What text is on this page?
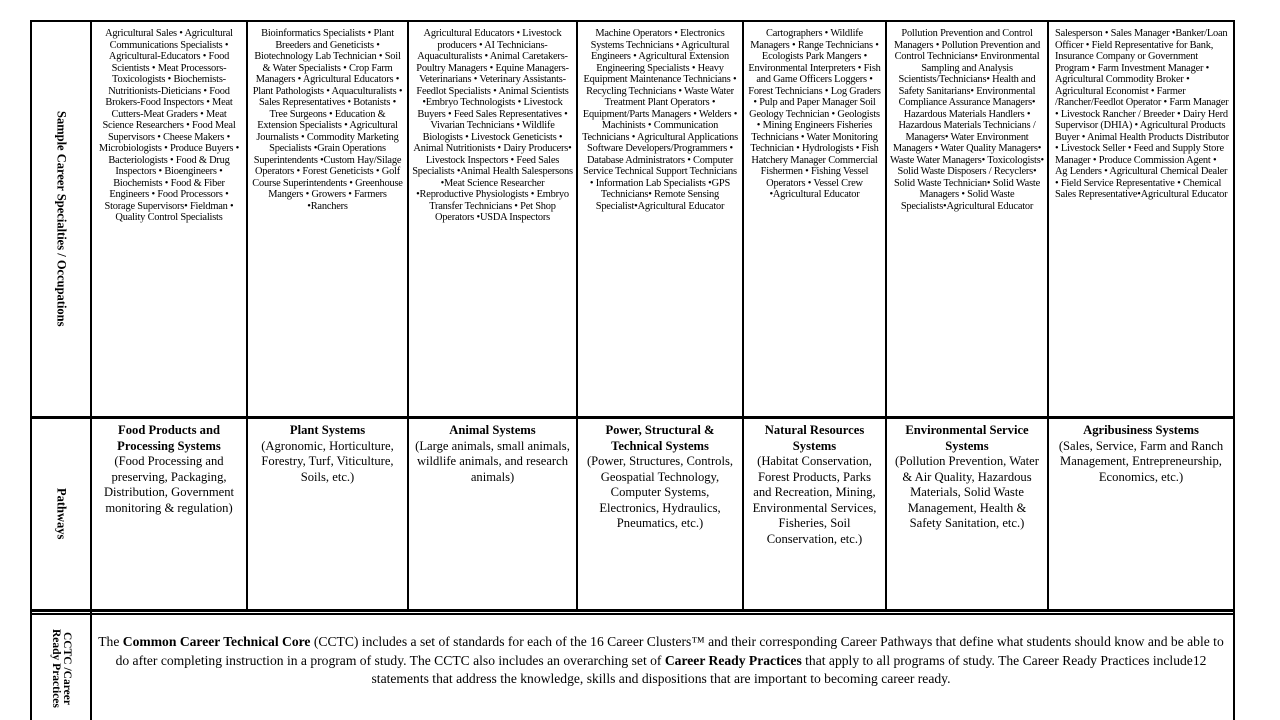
Sample Career Specialties / Occupations
Pathways
Agricultural Sales • Agricultural Communications Specialists • Agricultural-Educators • Food Scientists • Meat Processors-Toxicologists • Biochemists-Nutritionists-Dieticians • Food Brokers-Food Inspectors • Meat Cutters-Meat Graders • Meat Science Researchers • Food Meal Supervisors • Cheese Makers • Microbiologists • Produce Buyers • Bacteriologists • Food & Drug Inspectors • Bioengineers • Biochemists • Food & Fiber Engineers • Food Processors • Storage Supervisors• Fieldman • Quality Control Specialists
Bioinformatics Specialists • Plant Breeders and Geneticists • Biotechnology Lab Technician • Soil & Water Specialists • Crop Farm Managers • Agricultural Educators • Plant Pathologists • Aquaculturalists • Sales Representatives • Botanists • Tree Surgeons • Education & Extension Specialists • Agricultural Journalists • Commodity Marketing Specialists •Grain Operations Superintendents •Custom Hay/Silage Operators • Forest Geneticists • Golf Course Superintendents • Greenhouse Mangers • Growers • Farmers •Ranchers
Agricultural Educators • Livestock producers • AI Technicians-Aquaculturalists • Animal Caretakers-Poultry Managers • Equine Managers-Veterinarians • Veterinary Assistants-Feedlot Specialists • Animal Scientists •Embryo Technologists • Livestock Buyers • Feed Sales Representatives • Vivarian Technicians • Wildlife Biologists • Livestock Geneticists • Animal Nutritionists • Dairy Producers• Livestock Inspectors • Feed Sales Specialists •Animal Health Salespersons •Meat Science Researcher •Reproductive Physiologists • Embryo Transfer Technicians • Pet Shop Operators •USDA Inspectors
Machine Operators • Electronics Systems Technicians • Agricultural Engineers • Agricultural Extension Engineering Specialists • Heavy Equipment Maintenance Technicians • Recycling Technicians • Waste Water Treatment Plant Operators • Equipment/Parts Managers • Welders • Machinists • Communication Technicians • Agricultural Applications Software Developers/Programmers • Database Administrators • Computer Service Technical Support Technicians • Information Lab Specialists •GPS Technicians• Remote Sensing Specialist•Agricultural Educator
Cartographers • Wildlife Managers • Range Technicians • Ecologists Park Mangers • Environmental Interpreters • Fish and Game Officers Loggers • Forest Technicians • Log Graders • Pulp and Paper Manager Soil Geology Technician • Geologists • Mining Engineers Fisheries Technicians • Water Monitoring Technician • Hydrologists • Fish Hatchery Manager Commercial Fishermen • Fishing Vessel Operators • Vessel Crew •Agricultural Educator
Pollution Prevention and Control Managers • Pollution Prevention and Control Technicians• Environmental Sampling and Analysis Scientists/Technicians• Health and Safety Sanitarians• Environmental Compliance Assurance Managers• Hazardous Materials Handlers • Hazardous Materials Technicians / Managers• Water Environment Managers • Water Quality Managers• Waste Water Managers• Toxicologists• Solid Waste Disposers / Recyclers• Solid Waste Technician• Solid Waste Managers • Solid Waste Specialists•Agricultural Educator
Salesperson • Sales Manager •Banker/Loan Officer • Field Representative for Bank, Insurance Company or Government Program • Farm Investment Manager • Agricultural Commodity Broker • Agricultural Economist • Farmer /Rancher/Feedlot Operator • Farm Manager • Livestock Rancher / Breeder • Dairy Herd Supervisor (DHIA) • Agricultural Products Buyer • Animal Health Products Distributor • Livestock Seller • Feed and Supply Store Manager • Produce Commission Agent • Ag Lenders • Agricultural Chemical Dealer • Field Service Representative • Chemical Sales Representative•Agricultural Educator
Food Products and Processing Systems
(Food Processing and preserving, Packaging, Distribution, Government monitoring & regulation)
Plant Systems
(Agronomic, Horticulture, Forestry, Turf, Viticulture, Soils, etc.)
Animal Systems
(Large animals, small animals, wildlife animals, and research animals)
Power, Structural & Technical Systems
(Power, Structures, Controls, Geospatial Technology, Computer Systems, Electronics, Hydraulics, Pneumatics, etc.)
Natural Resources Systems
(Habitat Conservation, Forest Products, Parks and Recreation, Mining, Environmental Services, Fisheries, Soil Conservation, etc.)
Environmental Service Systems
(Pollution Prevention, Water & Air Quality, Hazardous Materials, Solid Waste Management, Health & Safety Sanitation, etc.)
Agribusiness Systems
(Sales, Service, Farm and Ranch Management, Entrepreneurship, Economics, etc.)
CCTC /Career Ready Practices	The Common Career Technical Core (CCTC) includes a set of standards for each of the 16 Career Clusters™ and their corresponding Career Pathways that define what students should know and be able to do after completing instruction in a program of study. The CCTC also includes an overarching set of Career Ready Practices that apply to all programs of study. The Career Ready Practices include12 statements that address the knowledge, skills and dispositions that are important to becoming career ready.
